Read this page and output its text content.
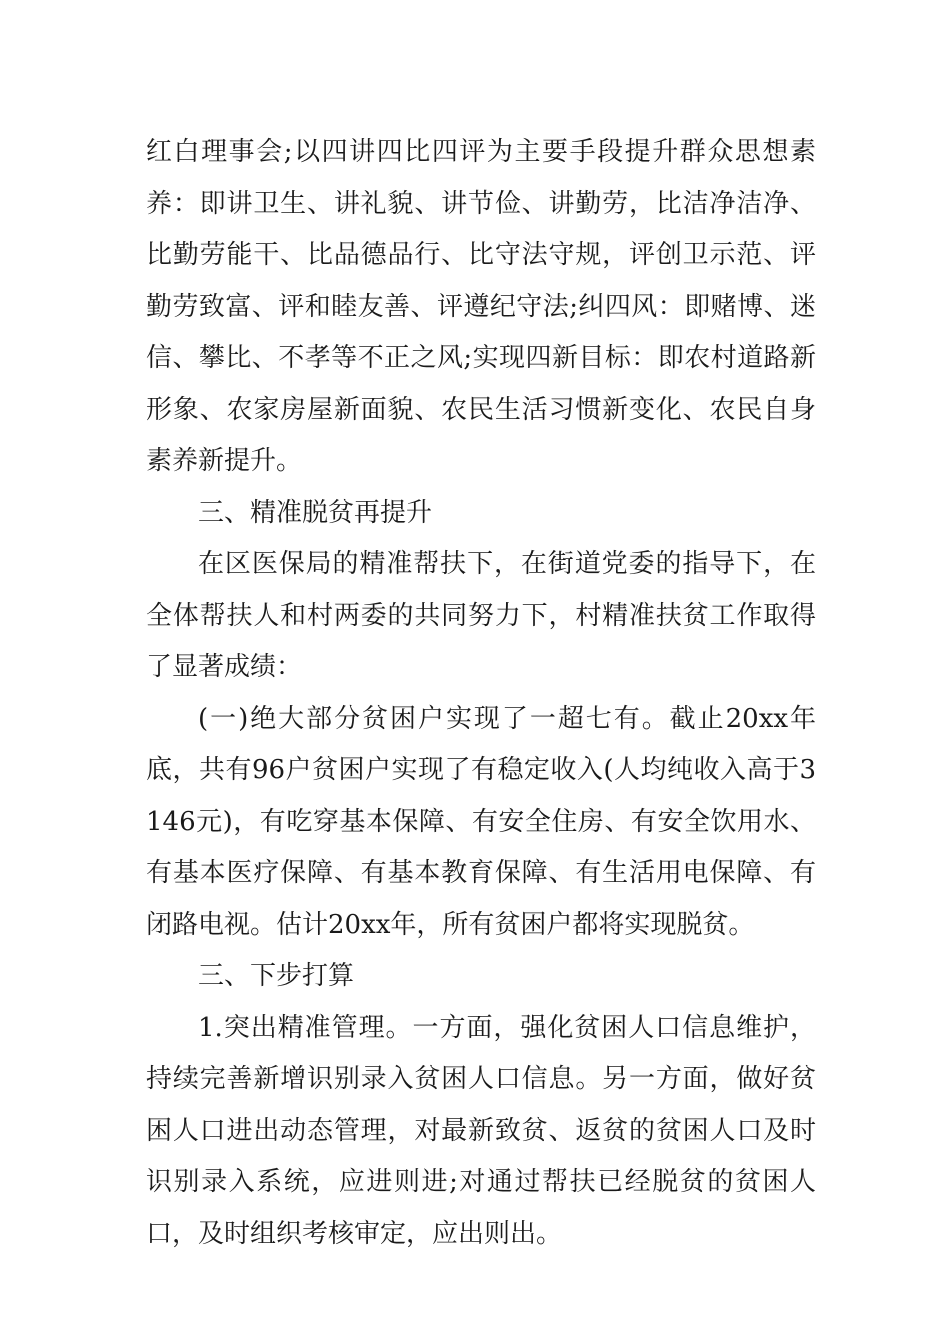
红白理事会;以四讲四比四评为主要手段提升群众思想素养：即讲卫生、讲礼貌、讲节俭、讲勤劳，比洁净洁净、比勤劳能干、比品德品行、比守法守规，评创卫示范、评勤劳致富、评和睦友善、评遵纪守法;纠四风：即赌博、迷信、攀比、不孝等不正之风;实现四新目标：即农村道路新形象、农家房屋新面貌、农民生活习惯新变化、农民自身素养新提升。

三、精准脱贫再提升

在区医保局的精准帮扶下，在街道党委的指导下，在全体帮扶人和村两委的共同努力下，村精准扶贫工作取得了显著成绩：

(一)绝大部分贫困户实现了一超七有。截止20xx年底，共有96户贫困户实现了有稳定收入(人均纯收入高于3146元)，有吃穿基本保障、有安全住房、有安全饮用水、有基本医疗保障、有基本教育保障、有生活用电保障、有闭路电视。估计20xx年，所有贫困户都将实现脱贫。

三、下步打算

1.突出精准管理。一方面，强化贫困人口信息维护，持续完善新增识别录入贫困人口信息。另一方面，做好贫困人口进出动态管理，对最新致贫、返贫的贫困人口及时识别录入系统，应进则进;对通过帮扶已经脱贫的贫困人口，及时组织考核审定，应出则出。
